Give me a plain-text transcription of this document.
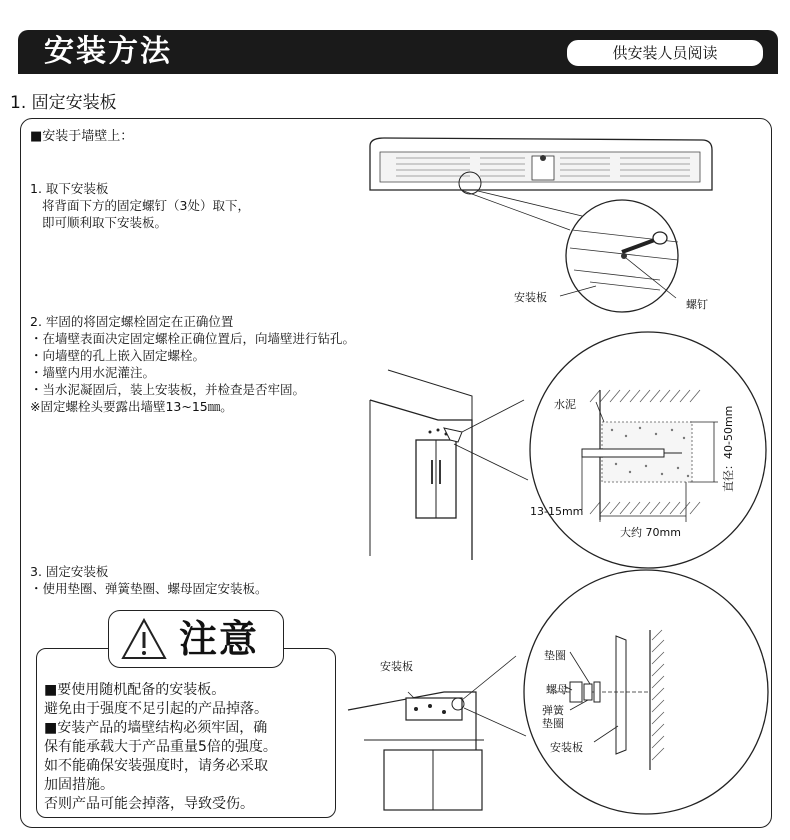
安装方法	供安装人员阅读
1. 固定安装板
■安装于墙壁上：
1. 取下安装板
将背面下方的固定螺钉（3处）取下，
即可顺利取下安装板。
2. 牢固的将固定螺栓固定在正确位置
・在墙壁表面决定固定螺栓正确位置后，向墙壁进行钻孔。
・向墙壁的孔上嵌入固定螺栓。
・墙壁内用水泥灌注。
・当水泥凝固后，装上安装板，并检查是否牢固。
※固定螺栓头要露出墙壁13~15㎜。
3. 固定安装板
・使用垫圈、弹簧垫圈、螺母固定安装板。
安装板
螺钉
水泥
13-15mm
大约 70mm
直径：40-50mm
安装板
垫圈
螺母
弹簧
垫圈
安装板
注意
■要使用随机配备的安装板。
避免由于强度不足引起的产品掉落。
■安装产品的墙壁结构必须牢固，确
保有能承载大于产品重量5倍的强度。
如不能确保安装强度时，请务必采取
加固措施。
否则产品可能会掉落，导致受伤。
